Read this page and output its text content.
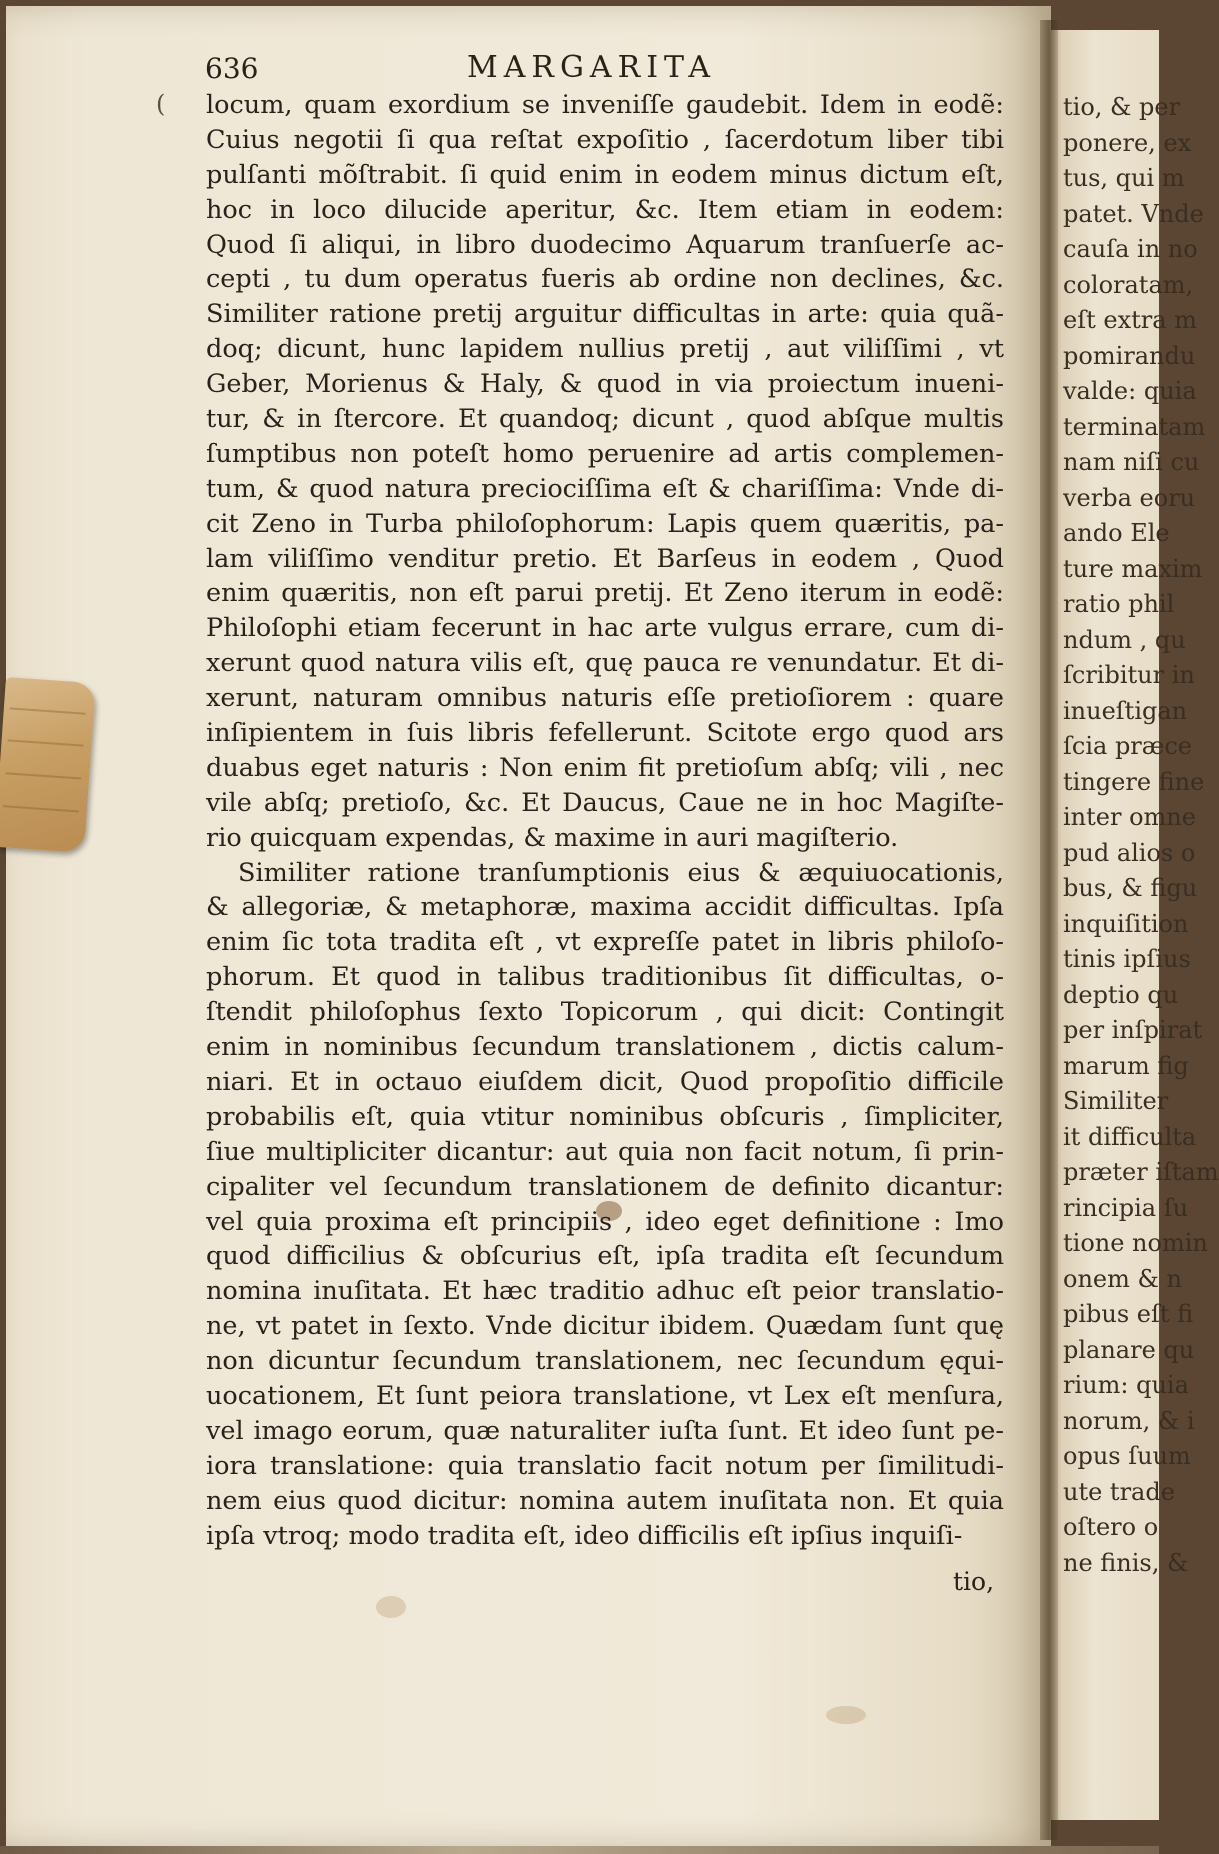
tio, & per
ponere, ex
tus, qui m
patet. Vnde
cauſa in no
coloratam,
eſt extra m
pomirandu
valde: quia
terminatam
nam niſi cu
verba eoru
ando Ele
ture maxim
ratio phil
ndum , qu
ſcribitur in
inueſtigan
ſcia præce
tingere fine
inter omne
pud alios o
bus, & figu
inquiſition
tinis ipſius
deptio qu
per inſpirat
marum fig
Similiter
it difficulta
præter iſtam
rincipia ſu
tione nomin
onem & n
pibus eſt fi
planare qu
rium: quia
norum, & i
opus ſuum
ute trade
oſtero o
ne finis, &
(
636	MARGARITA
locum, quam exordium se inveniſſe gaudebit. Idem in eodẽ:
Cuius negotii ſi qua reſtat expoſitio , ſacerdotum liber tibi
pulſanti mõſtrabit. ſi quid enim in eodem minus dictum eſt,
hoc in loco dilucide aperitur, &c. Item etiam in eodem:
Quod ſi aliqui, in libro duodecimo Aquarum tranſuerſe ac-
cepti , tu dum operatus fueris ab ordine non declines, &c.
Similiter ratione pretij arguitur difficultas in arte: quia quã-
doq; dicunt, hunc lapidem nullius pretij , aut viliſſimi , vt
Geber, Morienus & Haly, & quod in via proiectum inueni-
tur, & in ſtercore. Et quandoq; dicunt , quod abſque multis
ſumptibus non poteſt homo peruenire ad artis complemen-
tum, & quod natura preciociſſima eſt & chariſſima: Vnde di-
cit Zeno in Turba philoſophorum: Lapis quem quæritis, pa-
lam viliſſimo venditur pretio. Et Barſeus in eodem , Quod
enim quæritis, non eſt parui pretij. Et Zeno iterum in eodẽ:
Philoſophi etiam fecerunt in hac arte vulgus errare, cum di-
xerunt quod natura vilis eſt, quę pauca re venundatur. Et di-
xerunt, naturam omnibus naturis eſſe pretioſiorem : quare
inſipientem in ſuis libris fefellerunt. Scitote ergo quod ars
duabus eget naturis : Non enim fit pretioſum abſq; vili , nec
vile abſq; pretioſo, &c. Et Daucus, Caue ne in hoc Magiſte-
rio quicquam expendas, & maxime in auri magiſterio.
Similiter ratione tranſumptionis eius & æquiuocationis,
& allegoriæ, & metaphoræ, maxima accidit difficultas. Ipſa
enim ſic tota tradita eſt , vt expreſſe patet in libris philoſo-
phorum. Et quod in talibus traditionibus ſit difficultas, o-
ſtendit philoſophus ſexto Topicorum , qui dicit: Contingit
enim in nominibus ſecundum translationem , dictis calum-
niari. Et in octauo eiuſdem dicit, Quod propoſitio difficile
probabilis eſt, quia vtitur nominibus obſcuris , ſimpliciter,
ſiue multipliciter dicantur: aut quia non facit notum, ſi prin-
cipaliter vel ſecundum translationem de definito dicantur:
vel quia proxima eſt principiis , ideo eget definitione : Imo
quod difficilius & obſcurius eſt, ipſa tradita eſt ſecundum
nomina inuſitata. Et hæc traditio adhuc eſt peior translatio-
ne, vt patet in ſexto. Vnde dicitur ibidem. Quædam ſunt quę
non dicuntur ſecundum translationem, nec ſecundum ęqui-
uocationem, Et ſunt peiora translatione, vt Lex eſt menſura,
vel imago eorum, quæ naturaliter iuſta ſunt. Et ideo ſunt pe-
iora translatione: quia translatio facit notum per ſimilitudi-
nem eius quod dicitur: nomina autem inuſitata non. Et quia
ipſa vtroq; modo tradita eſt, ideo difficilis eſt ipſius inquiſi-
tio,
